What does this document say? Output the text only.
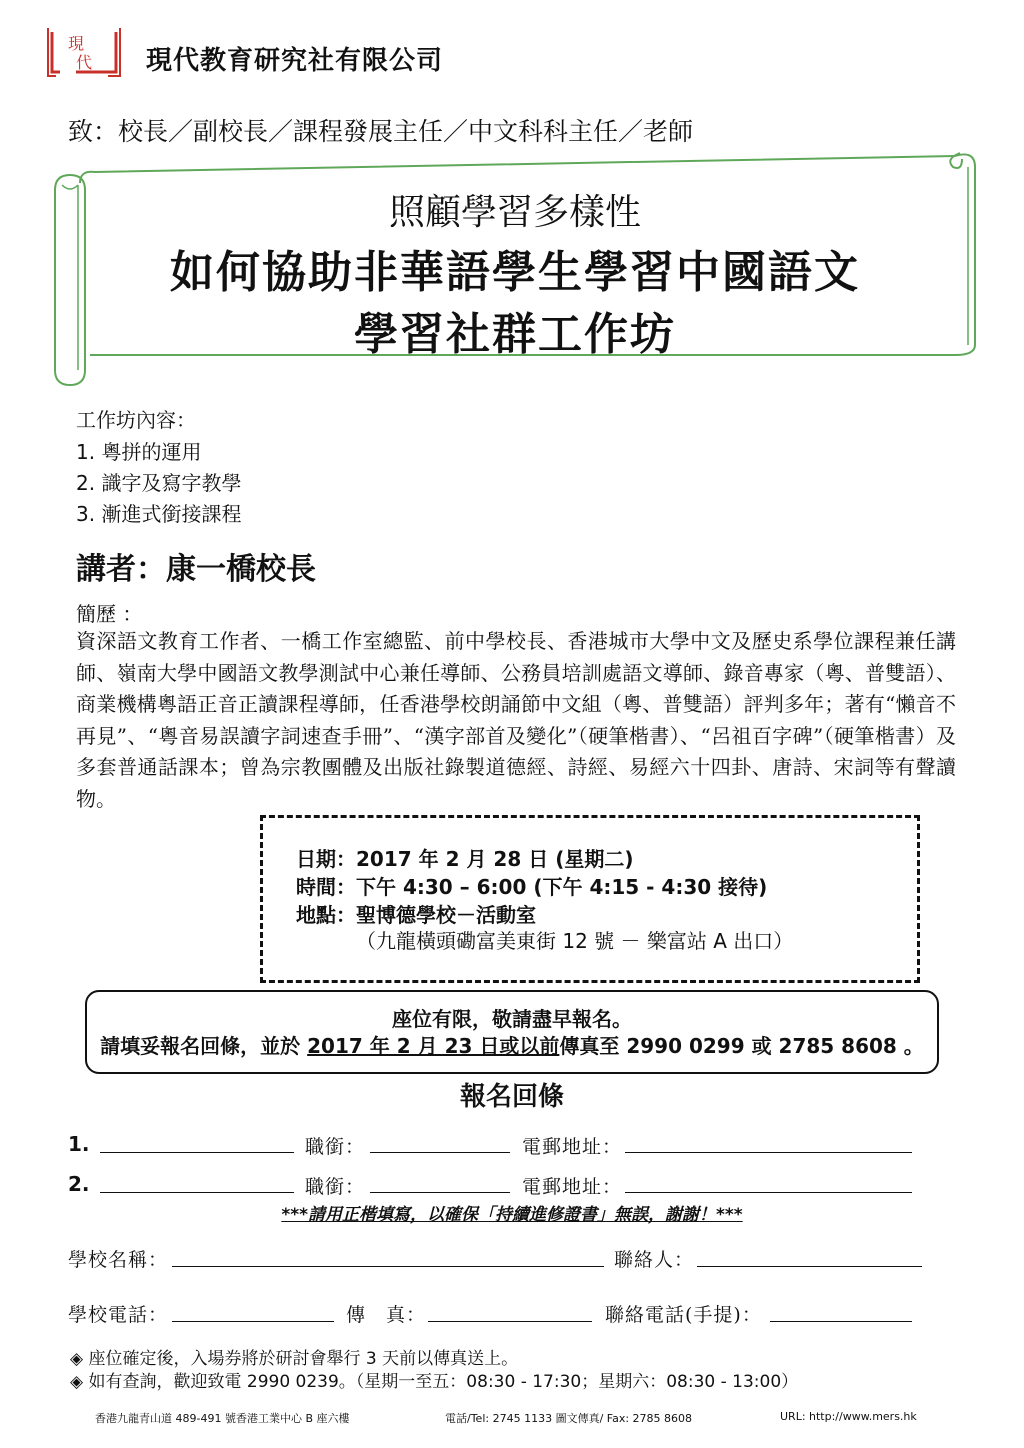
現
代 現代教育研究社有限公司
致：校長／副校長／課程發展主任／中文科科主任／老師
照顧學習多樣性
如何協助非華語學生學習中國語文
學習社群工作坊
工作坊內容：
1. 粵拼的運用
2. 識字及寫字教學
3. 漸進式銜接課程
講者：康一橋校長
簡歷 ：
資深語文教育工作者、一橋工作室總監、前中學校長、香港城市大學中文及歷史系學位課程兼任講師、嶺南大學中國語文教學測試中心兼任導師、公務員培訓處語文導師、錄音專家（粵、普雙語）、商業機構粵語正音正讀課程導師，任香港學校朗誦節中文組（粵、普雙語）評判多年；著有“懶音不再見”、“粵音易誤讀字詞速查手冊”、“漢字部首及變化”（硬筆楷書）、“呂祖百字碑”（硬筆楷書）及多套普通話課本；曾為宗教團體及出版社錄製道德經、詩經、易經六十四卦、唐詩、宋詞等有聲讀物。
日期：2017 年 2 月 28 日 (星期二)
時間：下午 4:30 – 6:00 (下午 4:15 - 4:30 接待)
地點：聖博德學校－活動室
（九龍橫頭磡富美東街 12 號 － 樂富站 A 出口）
座位有限，敬請盡早報名。
請填妥報名回條，並於 2017 年 2 月 23 日或以前傳真至 2990 0299 或 2785 8608 。
報名回條
1.	職銜：	電郵地址：
2.	職銜：	電郵地址：
***請用正楷填寫，以確保「持續進修證書」無誤，謝謝！***
學校名稱：	聯絡人：
學校電話：	傳　真：	聯絡電話(手提)：
◈ 座位確定後，入場券將於研討會舉行 3 天前以傳真送上。
◈ 如有查詢，歡迎致電 2990 0239。（星期一至五：08:30 - 17:30；星期六：08:30 - 13:00）
香港九龍青山道 489-491 號香港工業中心 B 座六樓	電話/Tel: 2745 1133 圖文傳真/ Fax: 2785 8608	URL: http://www.mers.hk
